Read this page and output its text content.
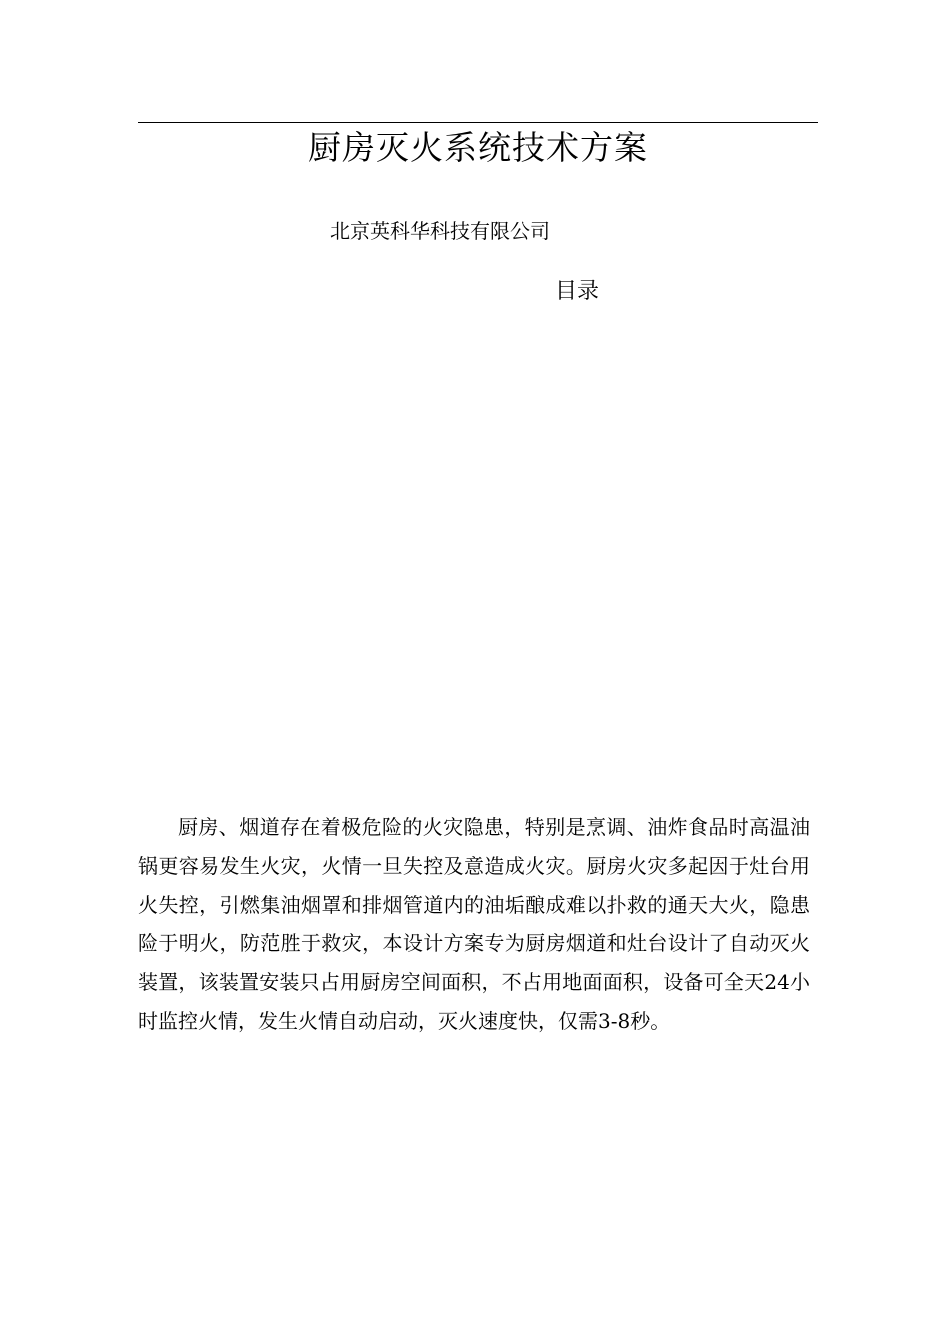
厨房灭火系统技术方案

北京英科华科技有限公司

目录

厨房、烟道存在着极危险的火灾隐患，特别是烹调、油炸食品时高温油锅更容易发生火灾，火情一旦失控及意造成火灾。厨房火灾多起因于灶台用火失控，引燃集油烟罩和排烟管道内的油垢酿成难以扑救的通天大火，隐患险于明火，防范胜于救灾，本设计方案专为厨房烟道和灶台设计了自动灭火装置，该装置安装只占用厨房空间面积，不占用地面面积，设备可全天24小时监控火情，发生火情自动启动，灭火速度快，仅需3-8秒。
